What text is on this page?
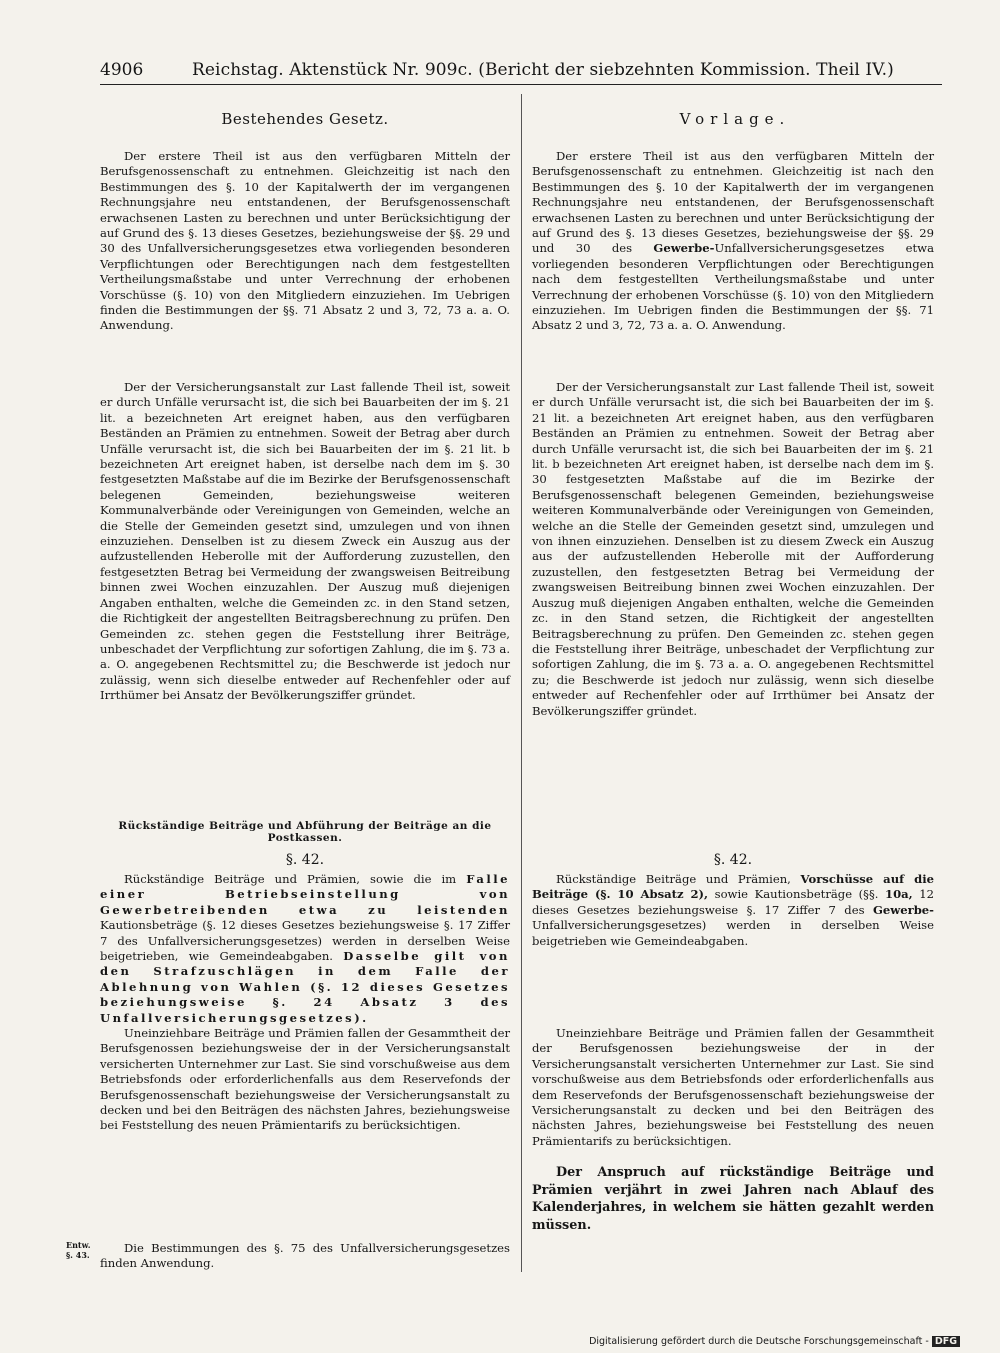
4906	Reichstag. Aktenstück Nr. 909c. (Bericht der siebzehnten Kommission. Theil IV.)
Bestehendes Gesetz.	Vorlage.

Der erstere Theil ist aus den verfügbaren Mitteln der Berufsgenossenschaft zu entnehmen. Gleichzeitig ist nach den Bestimmungen des §. 10 der Kapitalwerth der im vergangenen Rechnungsjahre neu entstandenen, der Berufsgenossenschaft erwachsenen Lasten zu berechnen und unter Berücksichtigung der auf Grund des §. 13 dieses Gesetzes, beziehungsweise der §§. 29 und 30 des Unfallversicherungsgesetzes etwa vorliegenden besonderen Verpflichtungen oder Berechtigungen nach dem festgestellten Vertheilungsmaßstabe und unter Verrechnung der erhobenen Vorschüsse (§. 10) von den Mitgliedern einzuziehen. Im Uebrigen finden die Bestimmungen der §§. 71 Absatz 2 und 3, 72, 73 a. a. O. Anwendung.

Der der Versicherungsanstalt zur Last fallende Theil ist, soweit er durch Unfälle verursacht ist, die sich bei Bauarbeiten der im §. 21 lit. a bezeichneten Art ereignet haben, aus den verfügbaren Beständen an Prämien zu entnehmen. Soweit der Betrag aber durch Unfälle verursacht ist, die sich bei Bauarbeiten der im §. 21 lit. b bezeichneten Art ereignet haben, ist derselbe nach dem im §. 30 festgesetzten Maßstabe auf die im Bezirke der Berufsgenossenschaft belegenen Gemeinden, beziehungsweise weiteren Kommunalverbände oder Vereinigungen von Gemeinden, welche an die Stelle der Gemeinden gesetzt sind, umzulegen und von ihnen einzuziehen. Denselben ist zu diesem Zweck ein Auszug aus der aufzustellenden Heberolle mit der Aufforderung zuzustellen, den festgesetzten Betrag bei Vermeidung der zwangsweisen Beitreibung binnen zwei Wochen einzuzahlen. Der Auszug muß diejenigen Angaben enthalten, welche die Gemeinden zc. in den Stand setzen, die Richtigkeit der angestellten Beitragsberechnung zu prüfen. Den Gemeinden zc. stehen gegen die Feststellung ihrer Beiträge, unbeschadet der Verpflichtung zur sofortigen Zahlung, die im §. 73 a. a. O. angegebenen Rechtsmittel zu; die Beschwerde ist jedoch nur zulässig, wenn sich dieselbe entweder auf Rechenfehler oder auf Irrthümer bei Ansatz der Bevölkerungsziffer gründet.

Rückständige Beiträge und Abführung der Beiträge an die Postkassen.
§. 42.

Rückständige Beiträge und Prämien, sowie die im Falle einer Betriebseinstellung von Gewerbetreibenden etwa zu leistenden Kautionsbeträge (§. 12 dieses Gesetzes beziehungsweise §. 17 Ziffer 7 des Unfallversicherungsgesetzes) werden in derselben Weise beigetrieben, wie Gemeindeabgaben. Dasselbe gilt von den Strafzuschlägen in dem Falle der Ablehnung von Wahlen (§. 12 dieses Gesetzes beziehungsweise §. 24 Absatz 3 des Unfallversicherungsgesetzes).

Uneinziehbare Beiträge und Prämien fallen der Gesammtheit der Berufsgenossen beziehungsweise der in der Versicherungsanstalt versicherten Unternehmer zur Last. Sie sind vorschußweise aus dem Betriebsfonds oder erforderlichenfalls aus dem Reservefonds der Berufsgenossenschaft beziehungsweise der Versicherungsanstalt zu decken und bei den Beiträgen des nächsten Jahres, beziehungsweise bei Feststellung des neuen Prämientarifs zu berücksichtigen.

Entw.
§. 43.	Die Bestimmungen des §. 75 des Unfallversicherungsgesetzes finden Anwendung.

Der erstere Theil ist aus den verfügbaren Mitteln der Berufsgenossenschaft zu entnehmen. Gleichzeitig ist nach den Bestimmungen des §. 10 der Kapitalwerth der im vergangenen Rechnungsjahre neu entstandenen, der Berufsgenossenschaft erwachsenen Lasten zu berechnen und unter Berücksichtigung der auf Grund des §. 13 dieses Gesetzes, beziehungsweise der §§. 29 und 30 des Gewerbe-Unfallversicherungsgesetzes etwa vorliegenden besonderen Verpflichtungen oder Berechtigungen nach dem festgestellten Vertheilungsmaßstabe und unter Verrechnung der erhobenen Vorschüsse (§. 10) von den Mitgliedern einzuziehen. Im Uebrigen finden die Bestimmungen der §§. 71 Absatz 2 und 3, 72, 73 a. a. O. Anwendung.

Der der Versicherungsanstalt zur Last fallende Theil ist, soweit er durch Unfälle verursacht ist, die sich bei Bauarbeiten der im §. 21 lit. a bezeichneten Art ereignet haben, aus den verfügbaren Beständen an Prämien zu entnehmen. Soweit der Betrag aber durch Unfälle verursacht ist, die sich bei Bauarbeiten der im §. 21 lit. b bezeichneten Art ereignet haben, ist derselbe nach dem im §. 30 festgesetzten Maßstabe auf die im Bezirke der Berufsgenossenschaft belegenen Gemeinden, beziehungsweise weiteren Kommunalverbände oder Vereinigungen von Gemeinden, welche an die Stelle der Gemeinden gesetzt sind, umzulegen und von ihnen einzuziehen. Denselben ist zu diesem Zweck ein Auszug aus der aufzustellenden Heberolle mit der Aufforderung zuzustellen, den festgesetzten Betrag bei Vermeidung der zwangsweisen Beitreibung binnen zwei Wochen einzuzahlen. Der Auszug muß diejenigen Angaben enthalten, welche die Gemeinden zc. in den Stand setzen, die Richtigkeit der angestellten Beitragsberechnung zu prüfen. Den Gemeinden zc. stehen gegen die Feststellung ihrer Beiträge, unbeschadet der Verpflichtung zur sofortigen Zahlung, die im §. 73 a. a. O. angegebenen Rechtsmittel zu; die Beschwerde ist jedoch nur zulässig, wenn sich dieselbe entweder auf Rechenfehler oder auf Irrthümer bei Ansatz der Bevölkerungsziffer gründet.

§. 42.

Rückständige Beiträge und Prämien, Vorschüsse auf die Beiträge (§. 10 Absatz 2), sowie Kautionsbeträge (§§. 10a, 12 dieses Gesetzes beziehungsweise §. 17 Ziffer 7 des Gewerbe-Unfallversicherungsgesetzes) werden in derselben Weise beigetrieben wie Gemeindeabgaben.

Uneinziehbare Beiträge und Prämien fallen der Gesammtheit der Berufsgenossen beziehungsweise der in der Versicherungsanstalt versicherten Unternehmer zur Last. Sie sind vorschußweise aus dem Betriebsfonds oder erforderlichenfalls aus dem Reservefonds der Berufsgenossenschaft beziehungsweise der Versicherungsanstalt zu decken und bei den Beiträgen des nächsten Jahres, beziehungsweise bei Feststellung des neuen Prämientarifs zu berücksichtigen.

Der Anspruch auf rückständige Beiträge und Prämien verjährt in zwei Jahren nach Ablauf des Kalenderjahres, in welchem sie hätten gezahlt werden müssen.

Digitalisierung gefördert durch die Deutsche Forschungsgemeinschaft - DFG
